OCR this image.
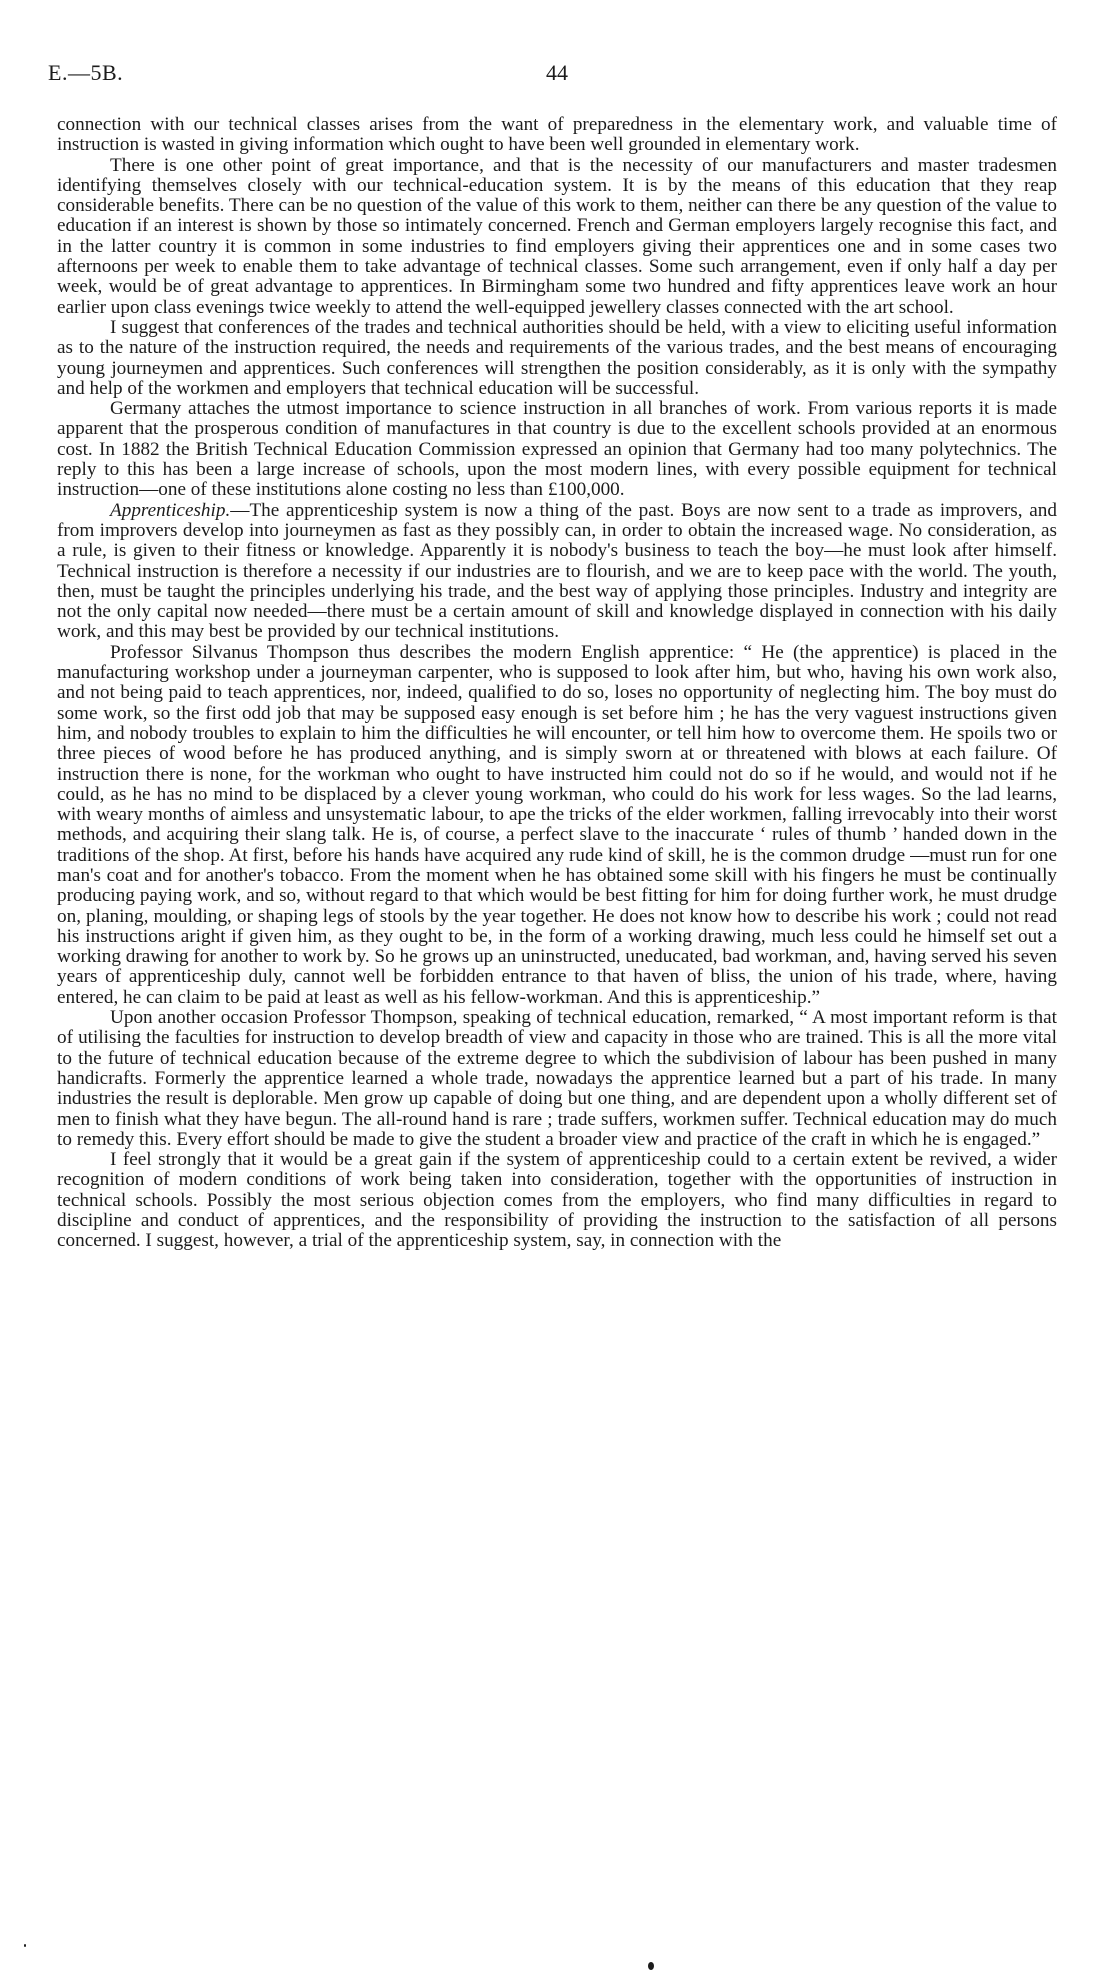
E.—5B.	44

connection with our technical classes arises from the want of preparedness in the elementary work, and valuable time of instruction is wasted in giving information which ought to have been well grounded in elementary work.

There is one other point of great importance, and that is the necessity of our manufacturers and master tradesmen identifying themselves closely with our technical-education system. It is by the means of this education that they reap considerable benefits. There can be no question of the value of this work to them, neither can there be any question of the value to education if an interest is shown by those so intimately concerned. French and German employers largely recognise this fact, and in the latter country it is common in some industries to find employers giving their apprentices one and in some cases two afternoons per week to enable them to take advantage of technical classes. Some such arrangement, even if only half a day per week, would be of great advantage to apprentices. In Birmingham some two hundred and fifty apprentices leave work an hour earlier upon class evenings twice weekly to attend the well-equipped jewellery classes connected with the art school.

I suggest that conferences of the trades and technical authorities should be held, with a view to eliciting useful information as to the nature of the instruction required, the needs and requirements of the various trades, and the best means of encouraging young journeymen and apprentices. Such conferences will strengthen the position considerably, as it is only with the sympathy and help of the workmen and employers that technical education will be successful.

Germany attaches the utmost importance to science instruction in all branches of work. From various reports it is made apparent that the prosperous condition of manufactures in that country is due to the excellent schools provided at an enormous cost. In 1882 the British Technical Education Commission expressed an opinion that Germany had too many polytechnics. The reply to this has been a large increase of schools, upon the most modern lines, with every possible equipment for technical instruction—one of these institutions alone costing no less than £100,000.

Apprenticeship.—The apprenticeship system is now a thing of the past. Boys are now sent to a trade as improvers, and from improvers develop into journeymen as fast as they possibly can, in order to obtain the increased wage. No consideration, as a rule, is given to their fitness or knowledge. Apparently it is nobody's business to teach the boy—he must look after himself. Technical instruction is therefore a necessity if our industries are to flourish, and we are to keep pace with the world. The youth, then, must be taught the principles underlying his trade, and the best way of applying those principles. Industry and integrity are not the only capital now needed—there must be a certain amount of skill and knowledge displayed in connection with his daily work, and this may best be provided by our technical institutions.

Professor Silvanus Thompson thus describes the modern English apprentice: “ He (the apprentice) is placed in the manufacturing workshop under a journeyman carpenter, who is supposed to look after him, but who, having his own work also, and not being paid to teach apprentices, nor, indeed, qualified to do so, loses no opportunity of neglecting him. The boy must do some work, so the first odd job that may be supposed easy enough is set before him ; he has the very vaguest instructions given him, and nobody troubles to explain to him the difficulties he will encounter, or tell him how to overcome them. He spoils two or three pieces of wood before he has produced anything, and is simply sworn at or threatened with blows at each failure. Of instruction there is none, for the workman who ought to have instructed him could not do so if he would, and would not if he could, as he has no mind to be displaced by a clever young workman, who could do his work for less wages. So the lad learns, with weary months of aimless and unsystematic labour, to ape the tricks of the elder workmen, falling irrevocably into their worst methods, and acquiring their slang talk. He is, of course, a perfect slave to the inaccurate ‘ rules of thumb ’ handed down in the traditions of the shop. At first, before his hands have acquired any rude kind of skill, he is the common drudge —must run for one man's coat and for another's tobacco. From the moment when he has obtained some skill with his fingers he must be continually producing paying work, and so, without regard to that which would be best fitting for him for doing further work, he must drudge on, planing, moulding, or shaping legs of stools by the year together. He does not know how to describe his work ; could not read his instructions aright if given him, as they ought to be, in the form of a working drawing, much less could he himself set out a working drawing for another to work by. So he grows up an uninstructed, uneducated, bad workman, and, having served his seven years of apprenticeship duly, cannot well be forbidden entrance to that haven of bliss, the union of his trade, where, having entered, he can claim to be paid at least as well as his fellow-workman. And this is apprenticeship.”

Upon another occasion Professor Thompson, speaking of technical education, remarked, “ A most important reform is that of utilising the faculties for instruction to develop breadth of view and capacity in those who are trained. This is all the more vital to the future of technical education because of the extreme degree to which the subdivision of labour has been pushed in many handicrafts. Formerly the apprentice learned a whole trade, nowadays the apprentice learned but a part of his trade. In many industries the result is deplorable. Men grow up capable of doing but one thing, and are dependent upon a wholly different set of men to finish what they have begun. The all-round hand is rare ; trade suffers, workmen suffer. Technical education may do much to remedy this. Every effort should be made to give the student a broader view and practice of the craft in which he is engaged.”

I feel strongly that it would be a great gain if the system of apprenticeship could to a certain extent be revived, a wider recognition of modern conditions of work being taken into consideration, together with the opportunities of instruction in technical schools. Possibly the most serious objection comes from the employers, who find many difficulties in regard to discipline and conduct of apprentices, and the responsibility of providing the instruction to the satisfaction of all persons concerned. I suggest, however, a trial of the apprenticeship system, say, in connection with the
